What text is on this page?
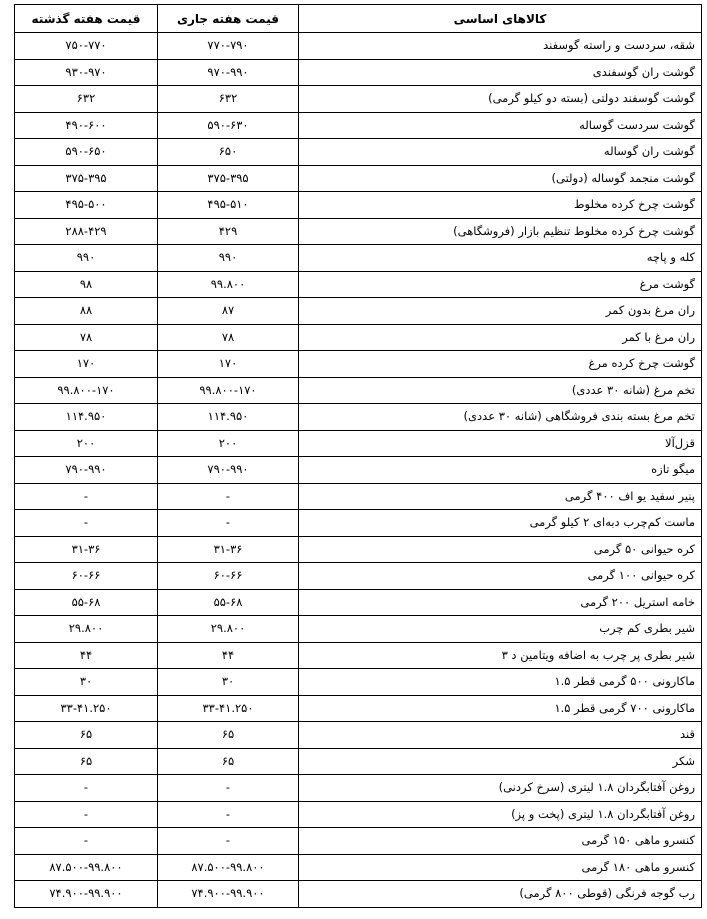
کالاهای اساسی	قیمت هفته جاری	قیمت هفته گذشته
شقه، سردست و راسته گوسفند	۷۷۰-۷۹۰	۷۵۰-۷۷۰
گوشت ران گوسفندی	۹۷۰-۹۹۰	۹۳۰-۹۷۰
گوشت گوسفند دولتی (بسته دو کیلو گرمی)	۶۳۲	۶۳۲
گوشت سردست گوساله	۵۹۰-۶۳۰	۴۹۰-۶۰۰
گوشت ران گوساله	۶۵۰	۵۹۰-۶۵۰
گوشت منجمد گوساله (دولتی)	۳۷۵-۳۹۵	۳۷۵-۳۹۵
گوشت چرخ کرده مخلوط	۴۹۵-۵۱۰	۴۹۵-۵۰۰
گوشت چرخ کرده مخلوط تنظیم بازار (فروشگاهی)	۴۲۹	۲۸۸-۴۲۹
کله و پاچه	۹۹۰	۹۹۰
گوشت مرغ	۹۹.۸۰۰	۹۸
ران مرغ بدون کمر	۸۷	۸۸
ران مرغ با کمر	۷۸	۷۸
گوشت چرخ کرده مرغ	۱۷۰	۱۷۰
تخم مرغ (شانه ۳۰ عددی)	۹۹.۸۰۰-۱۷۰	۹۹.۸۰۰-۱۷۰
تخم مرغ بسته بندی فروشگاهی (شانه ۳۰ عددی)	۱۱۴.۹۵۰	۱۱۴.۹۵۰
قزل‌آلا	۲۰۰	۲۰۰
میگو تازه	۷۹۰-۹۹۰	۷۹۰-۹۹۰
پنیر سفید یو اف ۴۰۰ گرمی	-	-
ماست کم‌چرب دبه‌ای ۲ کیلو گرمی	-	-
کره حیوانی ۵۰ گرمی	۳۱-۳۶	۳۱-۳۶
کره حیوانی ۱۰۰ گرمی	۶۰-۶۶	۶۰-۶۶
خامه استریل ۲۰۰ گرمی	۵۵-۶۸	۵۵-۶۸
شیر بطری کم چرب	۲۹.۸۰۰	۲۹.۸۰۰
شیر بطری پر چرب به اضافه ویتامین د ۳	۴۴	۴۴
ماکارونی ۵۰۰ گرمی قطر ۱.۵	۳۰	۳۰
ماکارونی ۷۰۰ گرمی قطر ۱.۵	۳۳-۴۱.۲۵۰	۳۳-۴۱.۲۵۰
قند	۶۵	۶۵
شکر	۶۵	۶۵
روغن آفتابگردان ۱.۸ لیتری (سرخ کردنی)	-	-
روغن آفتابگردان ۱.۸ لیتری (پخت و پز)	-	-
کنسرو ماهی ۱۵۰ گرمی	-	-
کنسرو ماهی ۱۸۰ گرمی	۸۷.۵۰۰-۹۹.۸۰۰	۸۷.۵۰۰-۹۹.۸۰۰
رب گوجه فرنگی (قوطی ۸۰۰ گرمی)	۷۴.۹۰۰-۹۹.۹۰۰	۷۴.۹۰۰-۹۹.۹۰۰
